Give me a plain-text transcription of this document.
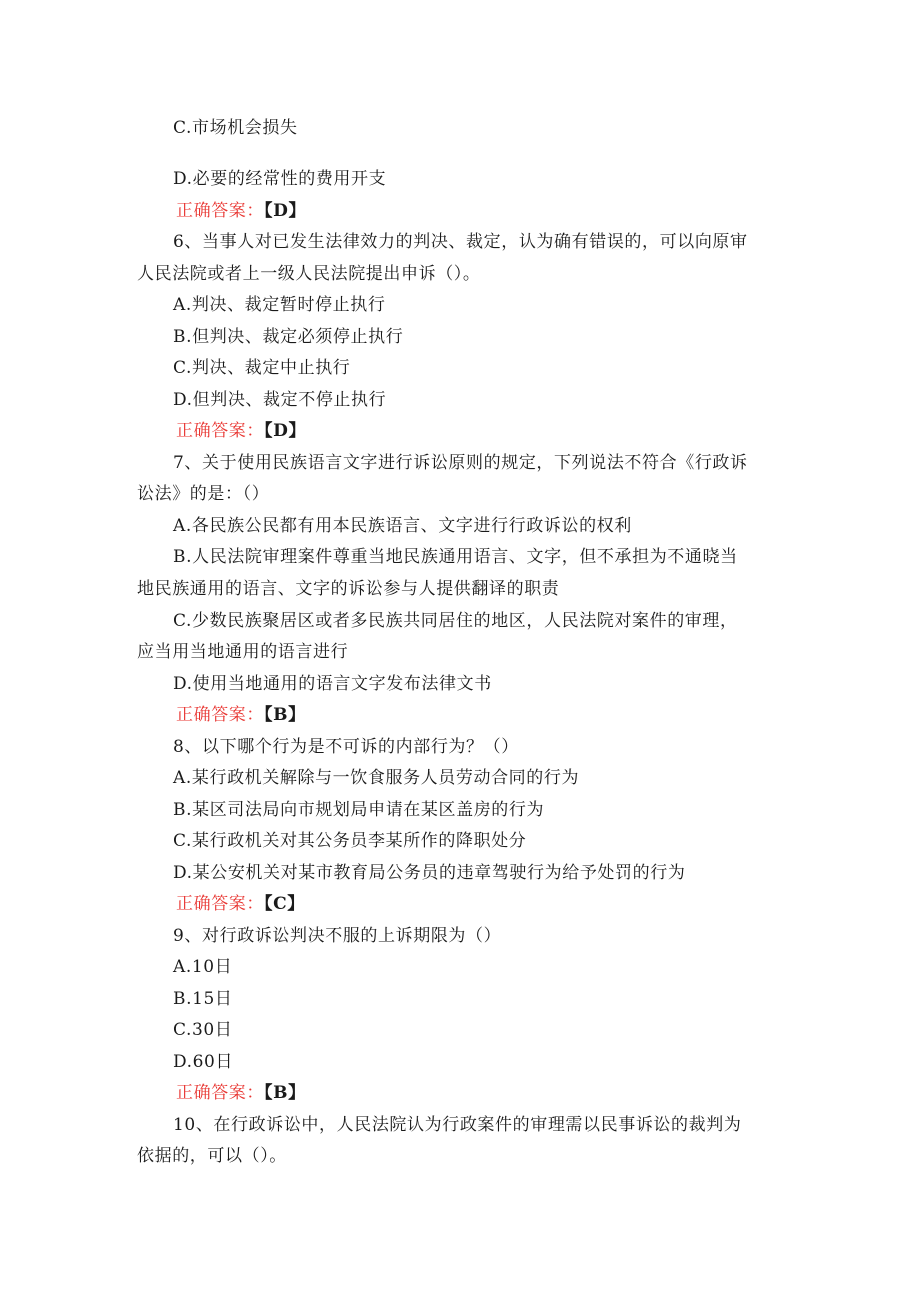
C.市场机会损失
D.必要的经常性的费用开支
6、当事人对已发生法律效力的判决、裁定，认为确有错误的，可以向原审
人民法院或者上一级人民法院提出申诉（）。
A.判决、裁定暂时停止执行
B.但判决、裁定必须停止执行
C.判决、裁定中止执行
D.但判决、裁定不停止执行
7、关于使用民族语言文字进行诉讼原则的规定，下列说法不符合《行政诉
讼法》的是：（）
A.各民族公民都有用本民族语言、文字进行行政诉讼的权利
B.人民法院审理案件尊重当地民族通用语言、文字，但不承担为不通晓当
地民族通用的语言、文字的诉讼参与人提供翻译的职责
C.少数民族聚居区或者多民族共同居住的地区，人民法院对案件的审理，
应当用当地通用的语言进行
D.使用当地通用的语言文字发布法律文书
8、以下哪个行为是不可诉的内部行为？（）
A.某行政机关解除与一饮食服务人员劳动合同的行为
B.某区司法局向市规划局申请在某区盖房的行为
C.某行政机关对其公务员李某所作的降职处分
D.某公安机关对某市教育局公务员的违章驾驶行为给予处罚的行为
9、对行政诉讼判决不服的上诉期限为（）
A.10日
B.15日
C.30日
D.60日
10、在行政诉讼中，人民法院认为行政案件的审理需以民事诉讼的裁判为
依据的，可以（）。
正确答案：【D】
正确答案：【D】
正确答案：【B】
正确答案：【C】
正确答案：【B】
